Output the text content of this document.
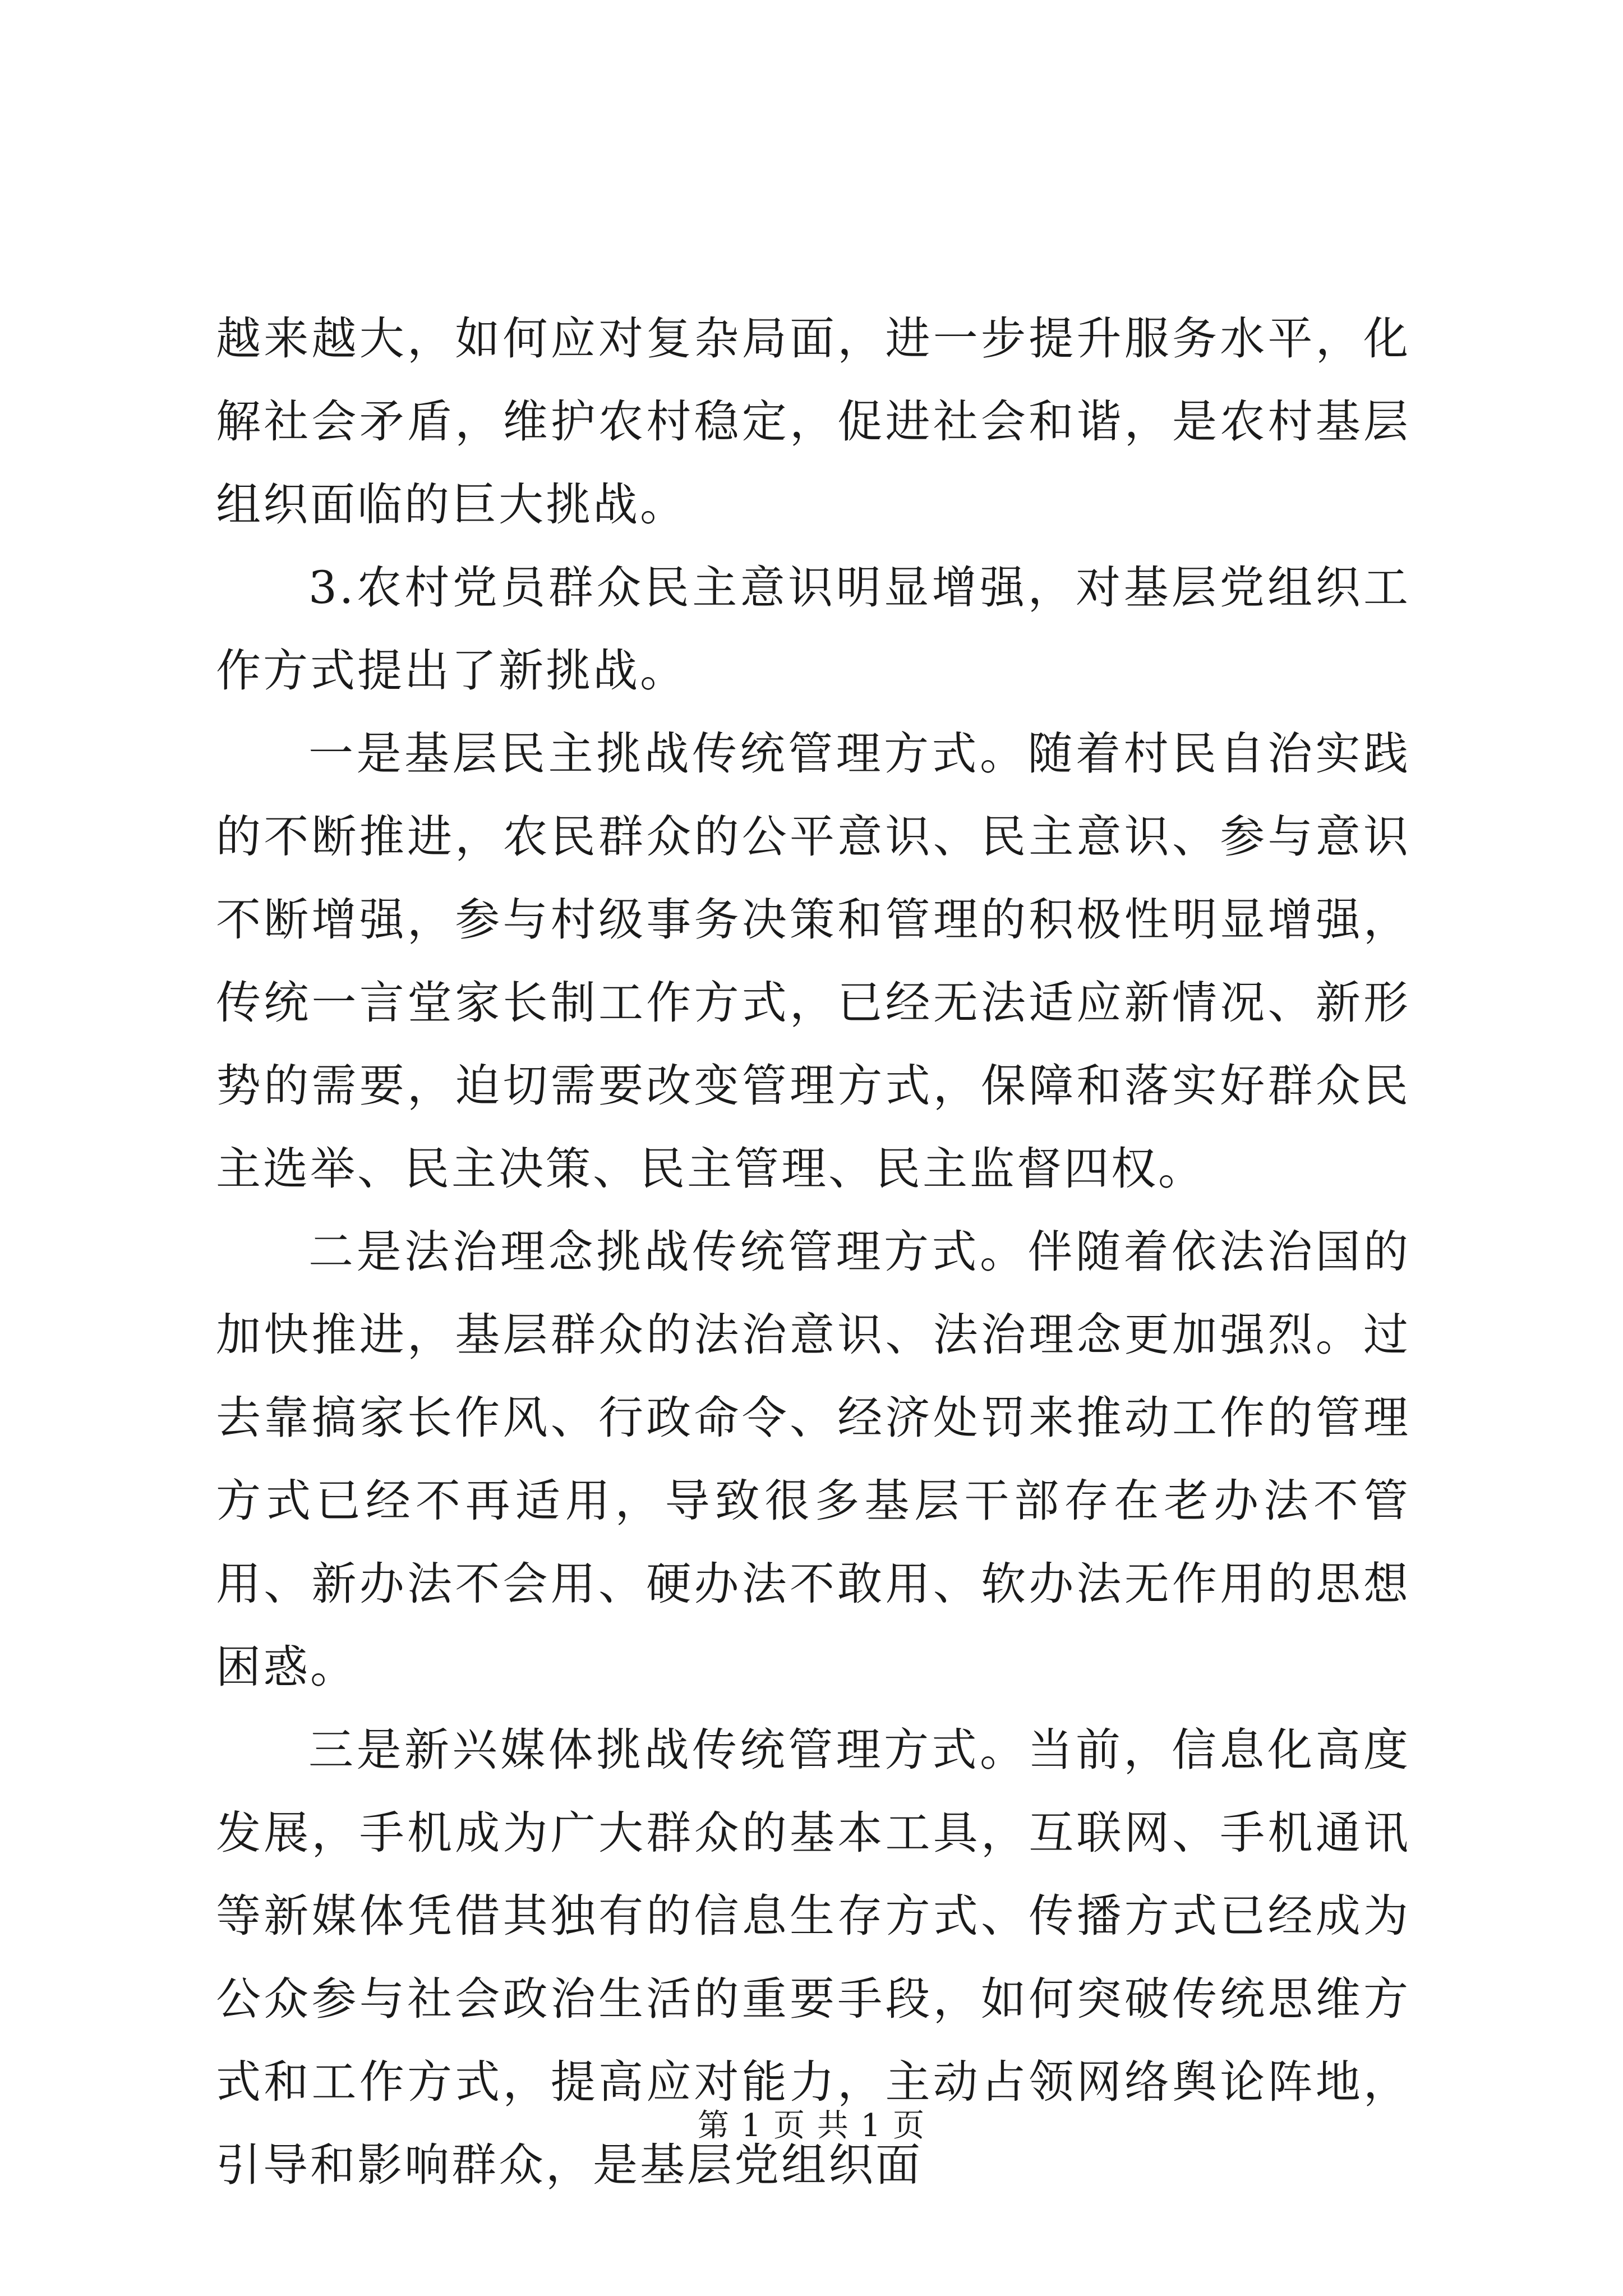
越来越大，如何应对复杂局面，进一步提升服务水平，化解社会矛盾，维护农村稳定，促进社会和谐，是农村基层组织面临的巨大挑战。

3.农村党员群众民主意识明显增强，对基层党组织工作方式提出了新挑战。

一是基层民主挑战传统管理方式。随着村民自治实践的不断推进，农民群众的公平意识、民主意识、参与意识不断增强，参与村级事务决策和管理的积极性明显增强，传统一言堂家长制工作方式，已经无法适应新情况、新形势的需要，迫切需要改变管理方式，保障和落实好群众民主选举、民主决策、民主管理、民主监督四权。

二是法治理念挑战传统管理方式。伴随着依法治国的加快推进，基层群众的法治意识、法治理念更加强烈。过去靠搞家长作风、行政命令、经济处罚来推动工作的管理方式已经不再适用，导致很多基层干部存在老办法不管用、新办法不会用、硬办法不敢用、软办法无作用的思想困惑。

三是新兴媒体挑战传统管理方式。当前，信息化高度发展，手机成为广大群众的基本工具，互联网、手机通讯等新媒体凭借其独有的信息生存方式、传播方式已经成为公众参与社会政治生活的重要手段，如何突破传统思维方式和工作方式，提高应对能力，主动占领网络舆论阵地，引导和影响群众，是基层党组织面

第 1 页 共 1 页
